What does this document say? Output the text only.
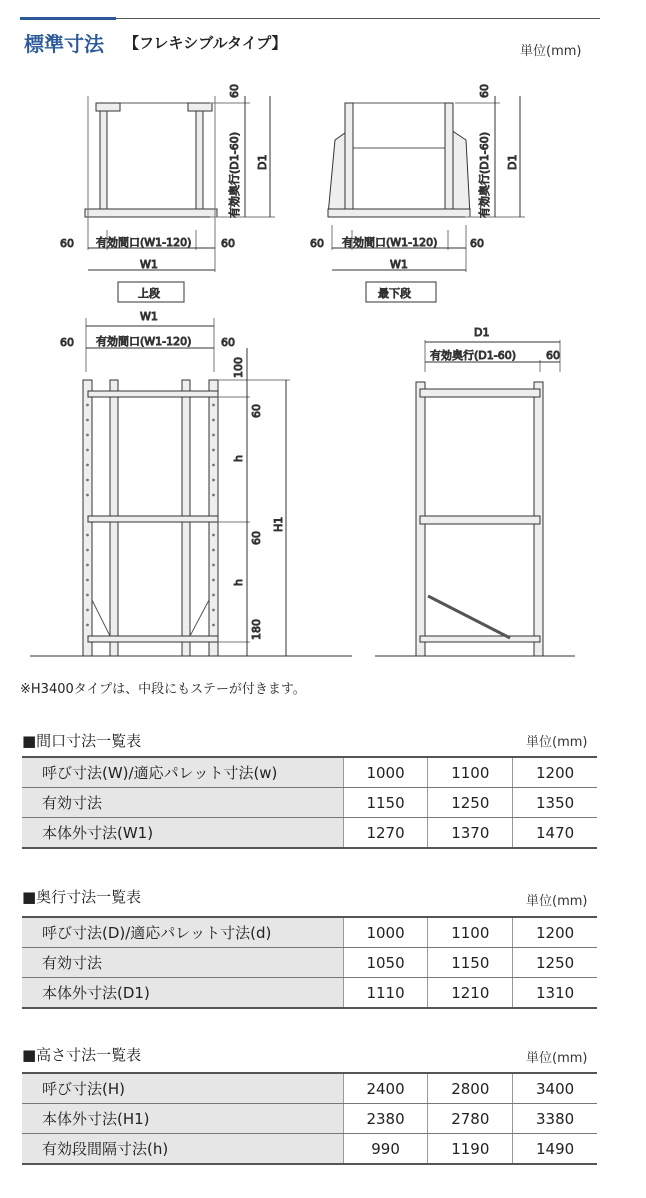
標準寸法 【フレキシブルタイプ】	単位(mm)
60 有効間口(W1-120)	60
W1
上段
60
有効奥行(D1-60) D1
60 有効間口(W1-120)	60
W1
最下段
60
有効奥行(D1-60) D1
W1
60 有効間口(W1-120)	60
100
60
h
60
h
180
H1
D1
有効奥行(D1-60)	60
※H3400タイプは、中段にもステーが付きます。
■間口寸法一覧表	単位(mm)
呼び寸法(W)/適応パレット寸法(w)	1000	1100	1200
有効寸法	1150	1250	1350
本体外寸法(W1)	1270	1370	1470
■奥行寸法一覧表	単位(mm)
呼び寸法(D)/適応パレット寸法(d)	1000	1100	1200
有効寸法	1050	1150	1250
本体外寸法(D1)	1110	1210	1310
■高さ寸法一覧表	単位(mm)
呼び寸法(H)	2400	2800	3400
本体外寸法(H1)	2380	2780	3380
有効段間隔寸法(h)	990	1190	1490
